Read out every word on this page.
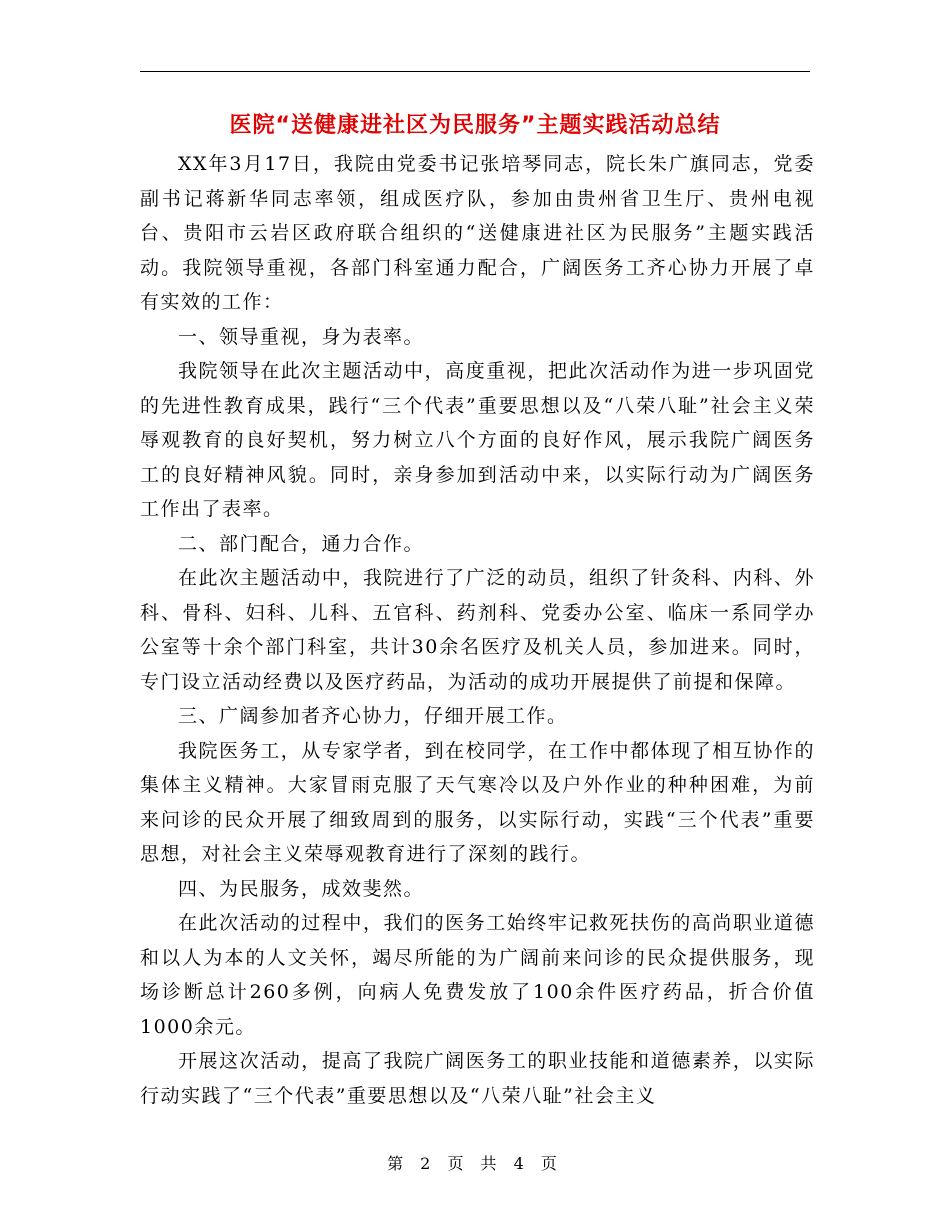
医院“送健康进社区为民服务”主题实践活动总结

XX年3月17日，我院由党委书记张培琴同志，院长朱广旗同志，党委副书记蒋新华同志率领，组成医疗队，参加由贵州省卫生厅、贵州电视台、贵阳市云岩区政府联合组织的“送健康进社区为民服务”主题实践活动。我院领导重视，各部门科室通力配合，广阔医务工齐心协力开展了卓有实效的工作：

一、领导重视，身为表率。

我院领导在此次主题活动中，高度重视，把此次活动作为进一步巩固党的先进性教育成果，践行“三个代表”重要思想以及“八荣八耻”社会主义荣辱观教育的良好契机，努力树立八个方面的良好作风，展示我院广阔医务工的良好精神风貌。同时，亲身参加到活动中来，以实际行动为广阔医务工作出了表率。

二、部门配合，通力合作。

在此次主题活动中，我院进行了广泛的动员，组织了针灸科、内科、外科、骨科、妇科、儿科、五官科、药剂科、党委办公室、临床一系同学办公室等十余个部门科室，共计30余名医疗及机关人员，参加进来。同时，专门设立活动经费以及医疗药品，为活动的成功开展提供了前提和保障。

三、广阔参加者齐心协力，仔细开展工作。

我院医务工，从专家学者，到在校同学，在工作中都体现了相互协作的集体主义精神。大家冒雨克服了天气寒冷以及户外作业的种种困难，为前来问诊的民众开展了细致周到的服务，以实际行动，实践“三个代表”重要思想，对社会主义荣辱观教育进行了深刻的践行。

四、为民服务，成效斐然。

在此次活动的过程中，我们的医务工始终牢记救死扶伤的高尚职业道德和以人为本的人文关怀，竭尽所能的为广阔前来问诊的民众提供服务，现场诊断总计260多例，向病人免费发放了100余件医疗药品，折合价值1000余元。

开展这次活动，提高了我院广阔医务工的职业技能和道德素养，以实际行动实践了“三个代表”重要思想以及“八荣八耻”社会主义

第 2 页 共 4 页
